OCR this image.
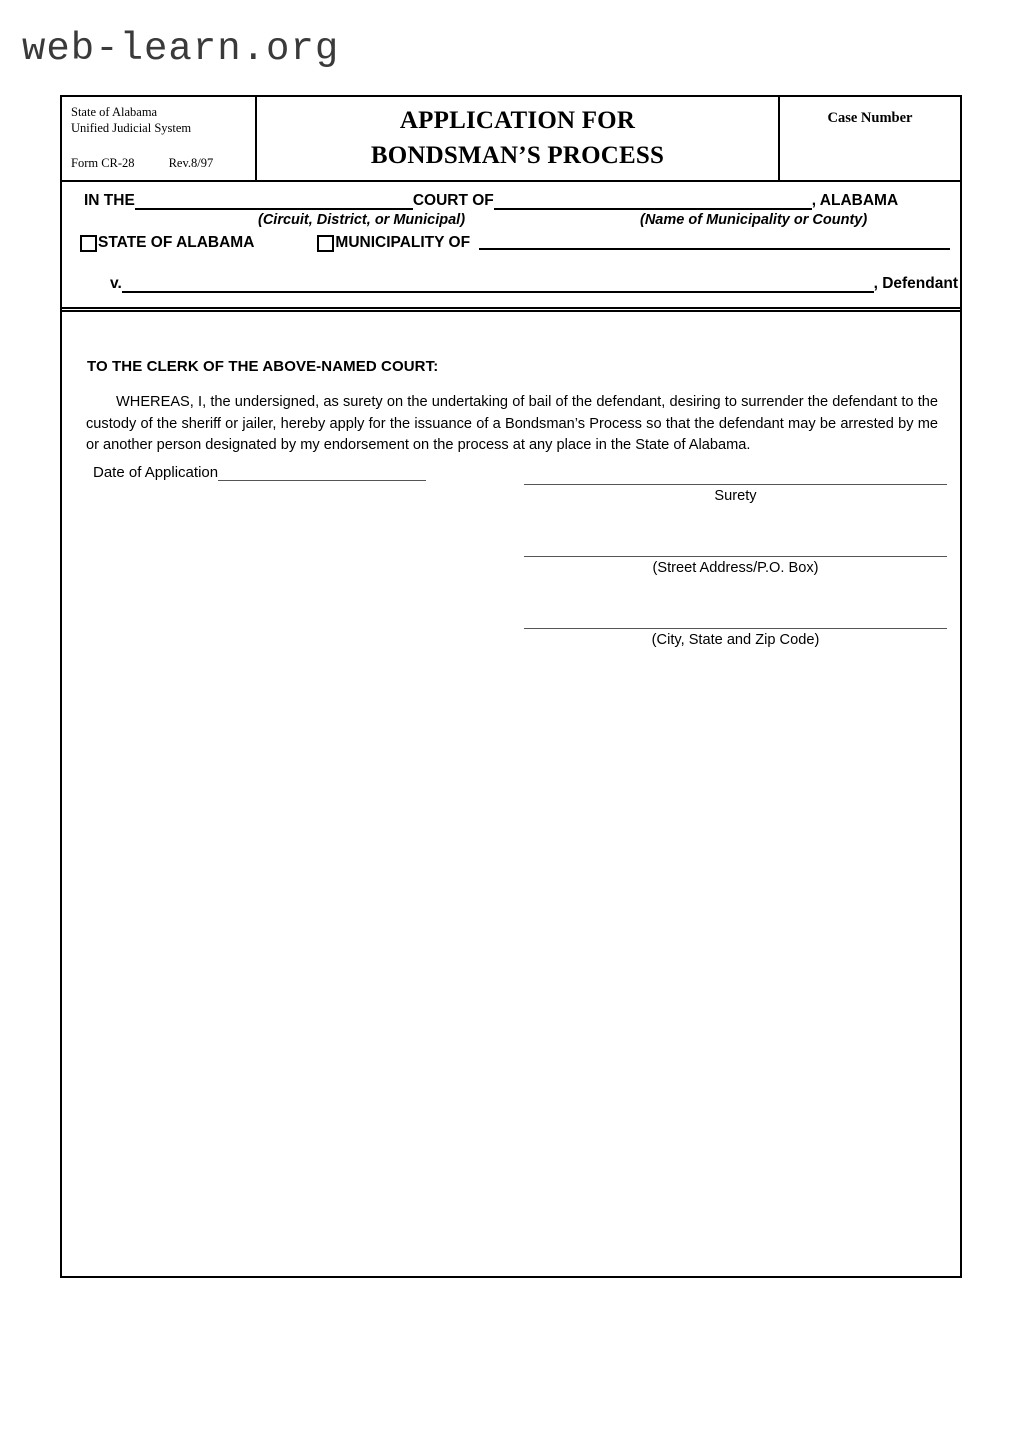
web-learn.org
State of Alabama
Unified Judicial System
Form CR-28	Rev.8/97
APPLICATION FOR
BONDSMAN’S PROCESS
Case Number
IN THE	COURT OF	, ALABAMA
(Circuit, District, or Municipal)	(Name of Municipality or County)
STATE OF ALABAMA	MUNICIPALITY OF
v.	, Defendant
TO THE CLERK OF THE ABOVE-NAMED COURT:
WHEREAS, I, the undersigned, as surety on the undertaking of bail of the defendant, desiring to surrender the defendant to the custody of the sheriff or jailer, hereby apply for the issuance of a Bondsman’s Process so that the defendant may be arrested by me or another person designated by my endorsement on the process at any place in the State of Alabama.
Date of Application
Surety
(Street Address/P.O. Box)
(City, State and Zip Code)
